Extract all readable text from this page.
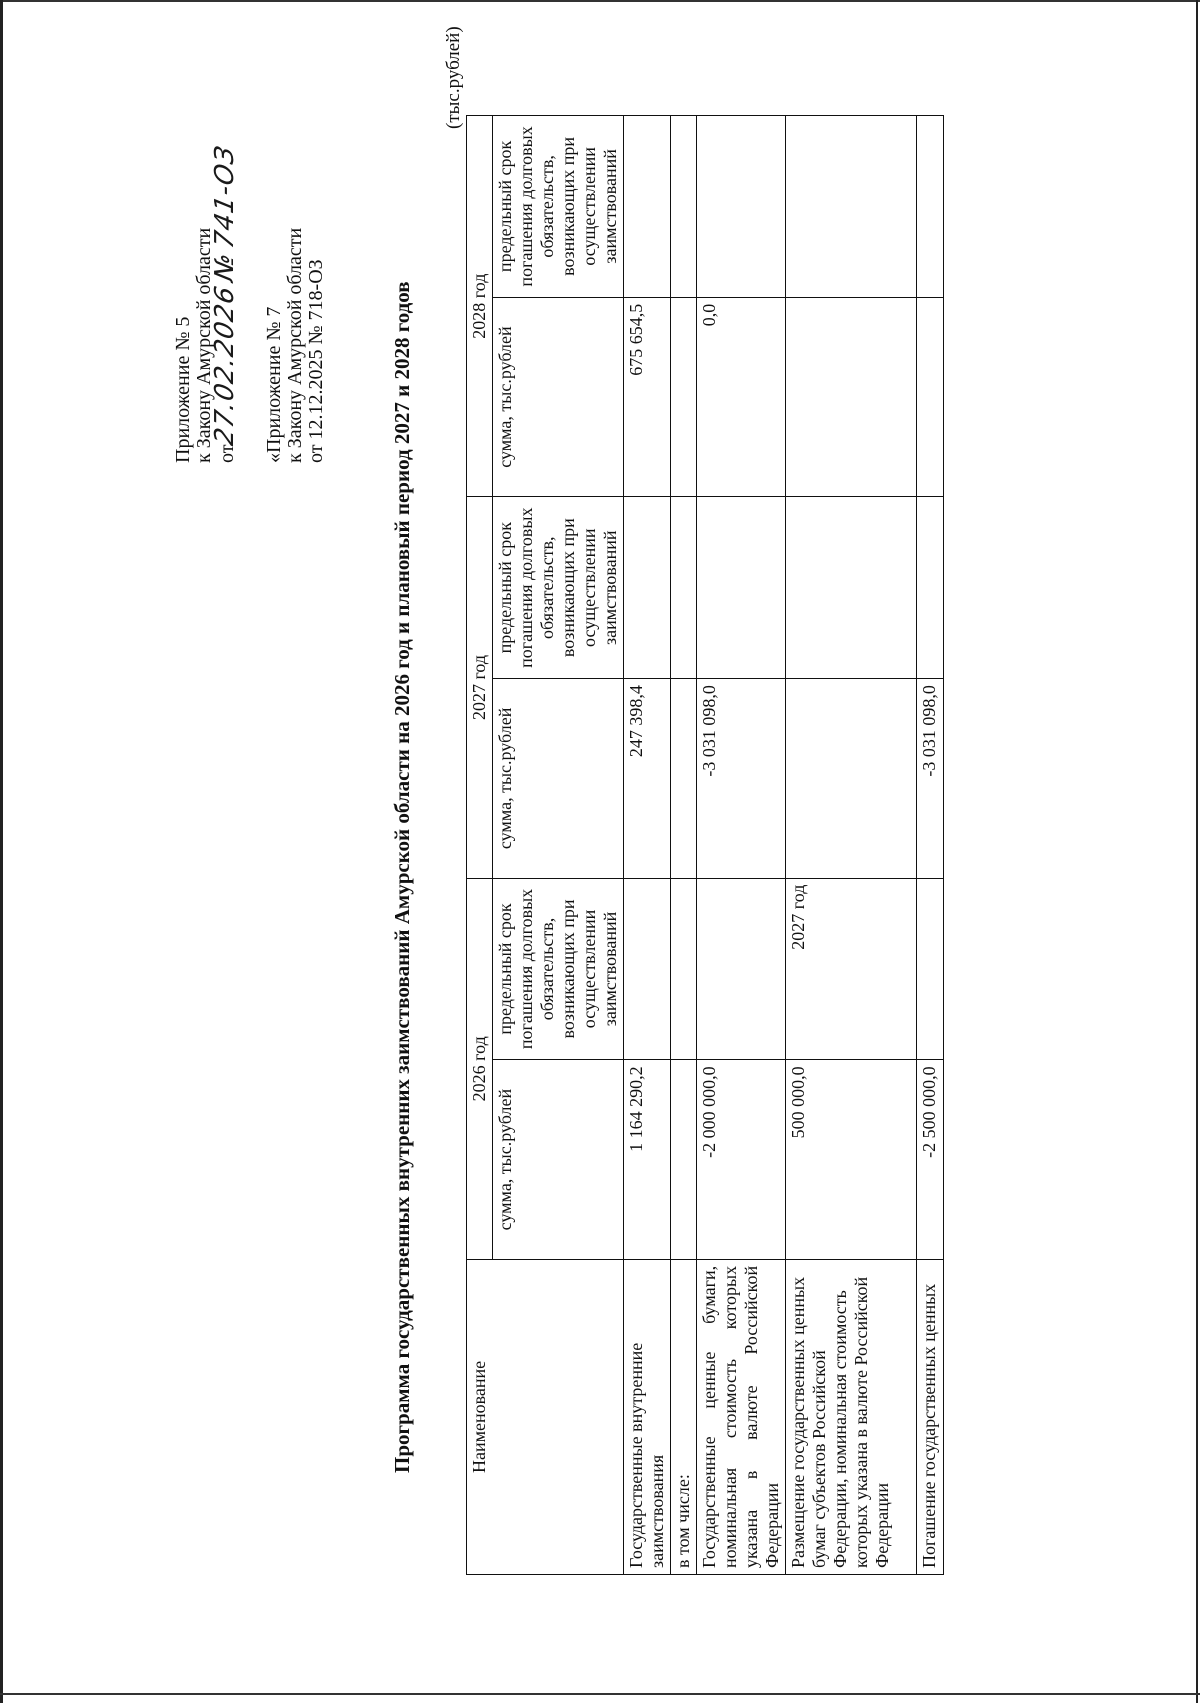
Приложение № 5 к Закону Амурской области от27.02.2026 № 741-ОЗ
«Приложение № 7 к Закону Амурской области от 12.12.2025 № 718-ОЗ	Программа государственных внутренних заимствований Амурской области на 2026 год и плановый период 2027 и 2028 годов
(тыс.рублей)
Наименование	2026 год		2027 год		2028 год	
	сумма, тыс.рублей	предельный срок погашения долговых обязательств, возникающих при осуществлении заимствований	сумма, тыс.рублей	предельный срок погашения долговых обязательств, возникающих при осуществлении заимствований	сумма, тыс.рублей	предельный срок погашения долговых обязательств, возникающих при осуществлении заимствований
Государственные внутренние заимствования	1 164 290,2		247 398,4		675 654,5	
в том числе:						
Государственные ценные бумаги, номинальная стоимость которых указана в валюте Российской Федерации	-2 000 000,0		-3 031 098,0		0,0	
Размещение государственных ценных бумаг субъектов Российской Федерации, номинальная стоимость которых указана в валюте Российской Федерации	500 000,0	2027 год				
Погашение государственных ценных	-2 500 000,0		-3 031 098,0			
